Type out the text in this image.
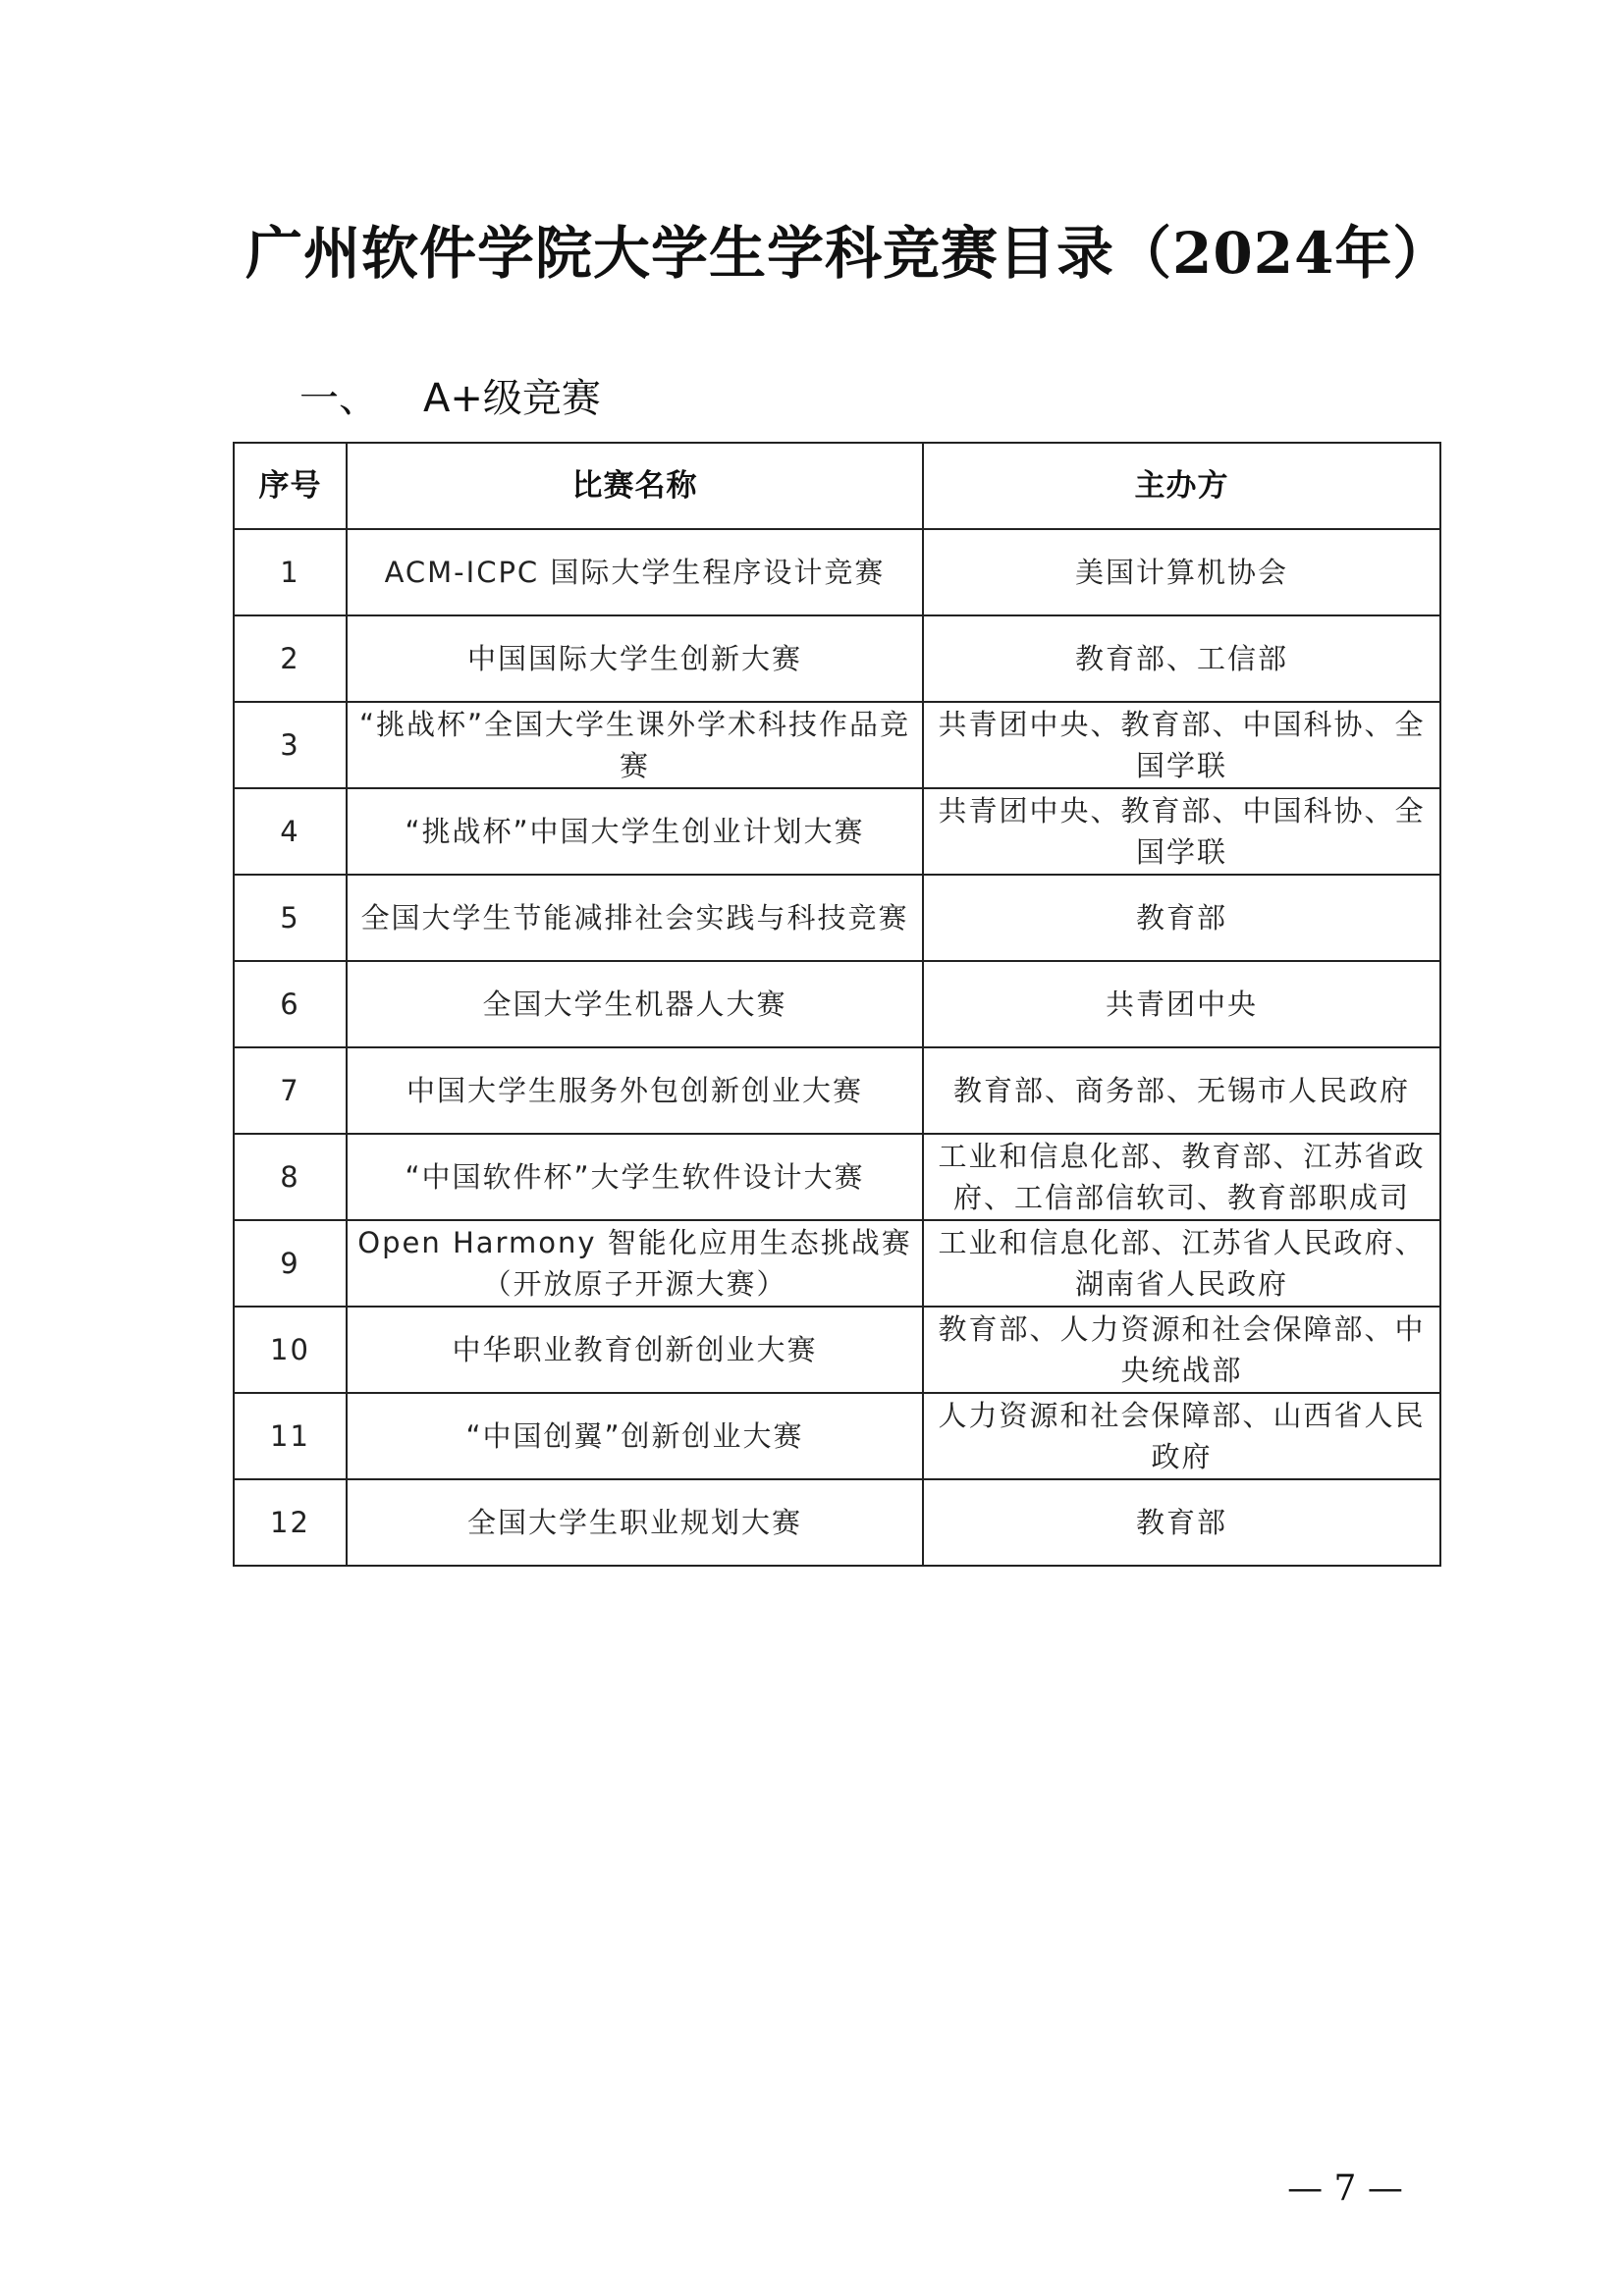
广州软件学院大学生学科竞赛目录（2024年）
一、 A+级竞赛
序号	比赛名称	主办方
1	ACM-ICPC 国际大学生程序设计竞赛	美国计算机协会
2	中国国际大学生创新大赛	教育部、工信部
3	“挑战杯”全国大学生课外学术科技作品竞赛	共青团中央、教育部、中国科协、全国学联
4	“挑战杯”中国大学生创业计划大赛	共青团中央、教育部、中国科协、全国学联
5	全国大学生节能减排社会实践与科技竞赛	教育部
6	全国大学生机器人大赛	共青团中央
7	中国大学生服务外包创新创业大赛	教育部、商务部、无锡市人民政府
8	“中国软件杯”大学生软件设计大赛	工业和信息化部、教育部、江苏省政府、工信部信软司、教育部职成司
9	Open Harmony 智能化应用生态挑战赛（开放原子开源大赛）	工业和信息化部、江苏省人民政府、湖南省人民政府
10	中华职业教育创新创业大赛	教育部、人力资源和社会保障部、中央统战部
11	“中国创翼”创新创业大赛	人力资源和社会保障部、山西省人民政府
12	全国大学生职业规划大赛	教育部
— 7 —
